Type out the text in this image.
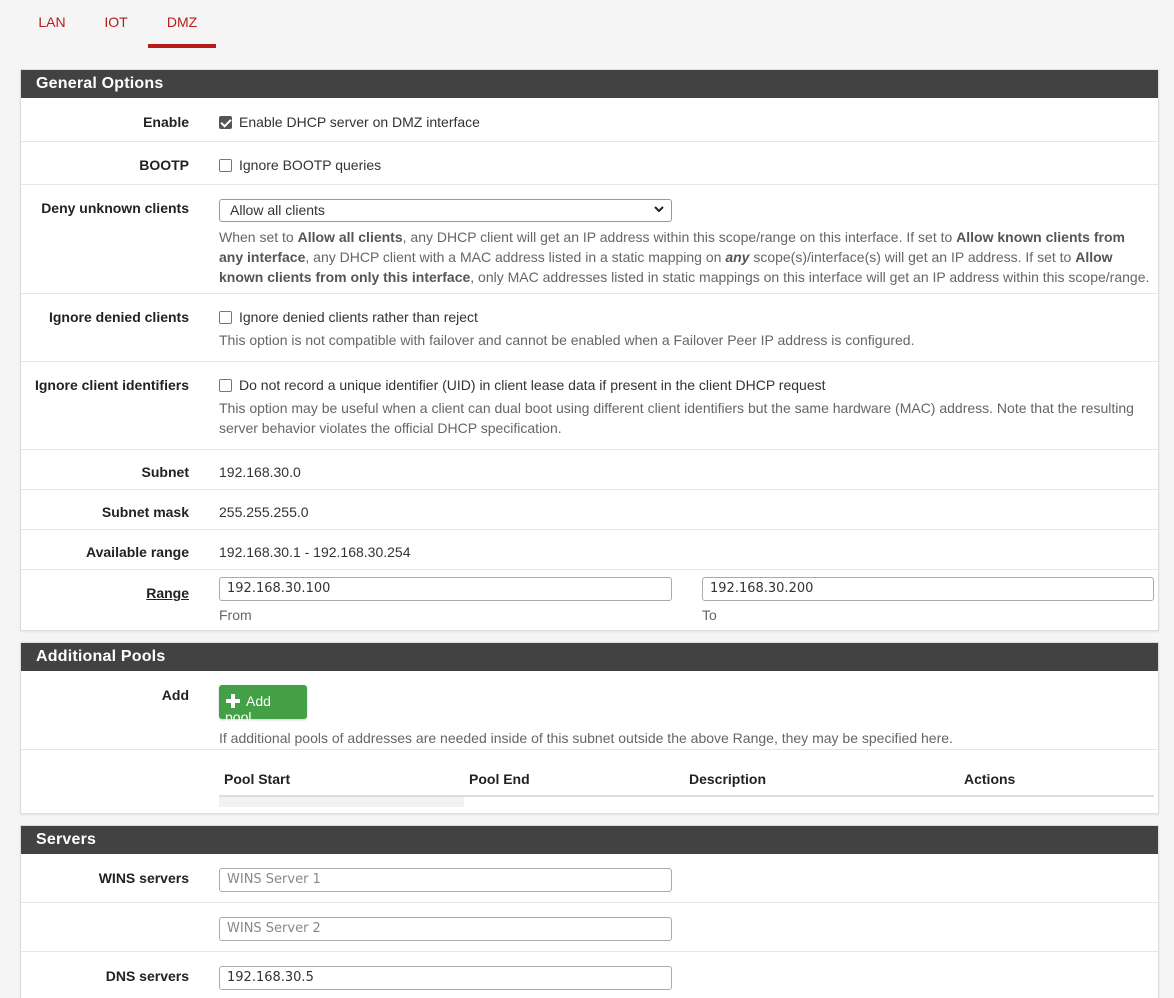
LAN	IOT	DMZ
General Options
Enable	Enable DHCP server on DMZ interface
BOOTP	Ignore BOOTP queries
Deny unknown clients	Allow all clients
When set to Allow all clients, any DHCP client will get an IP address within this scope/range on this interface. If set to Allow known clients from any interface, any DHCP client with a MAC address listed in a static mapping on any scope(s)/interface(s) will get an IP address. If set to Allow known clients from only this interface, only MAC addresses listed in static mappings on this interface will get an IP address within this scope/range.
Ignore denied clients	Ignore denied clients rather than reject
This option is not compatible with failover and cannot be enabled when a Failover Peer IP address is configured.
Ignore client identifiers	Do not record a unique identifier (UID) in client lease data if present in the client DHCP request
This option may be useful when a client can dual boot using different client identifiers but the same hardware (MAC) address. Note that the resulting server behavior violates the official DHCP specification.
Subnet 192.168.30.0
Subnet mask 255.255.255.0
Available range 192.168.30.1 - 192.168.30.254
Range	192.168.30.100
From
192.168.30.200
To
Additional Pools
Add	Add pool
If additional pools of addresses are needed inside of this subnet outside the above Range, they may be specified here.
Pool Start	Pool End	Description	Actions
Servers
WINS servers	WINS Server 1
WINS Server 2
DNS servers	192.168.30.5
